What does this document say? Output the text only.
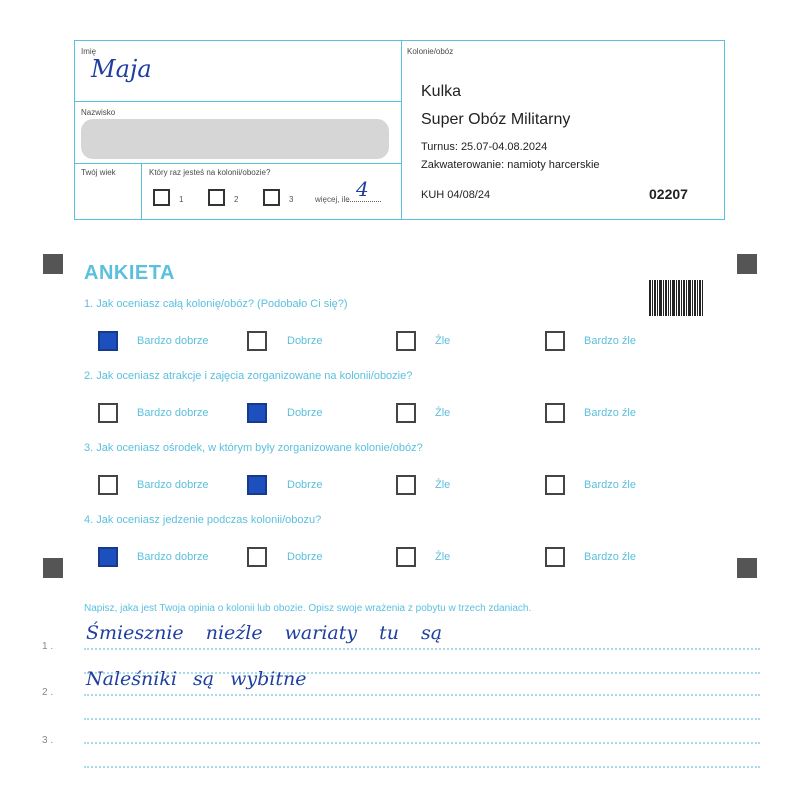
Imię
Maja
Nazwisko
Twój wiek	Który raz jesteś na kolonii/obozie?
1	2	3	więcej, ile 4
Kolonie/obóz
Kulka
Super Obóz Militarny
Turnus: 25.07-04.08.2024
Zakwaterowanie: namioty harcerskie
KUH 04/08/24	02207
ANKIETA
1. Jak oceniasz całą kolonię/obóz? (Podobało Ci się?)
Bardzo dobrze	Dobrze	Źle	Bardzo źle
2. Jak oceniasz atrakcje i zajęcia zorganizowane na kolonii/obozie?
Bardzo dobrze	Dobrze	Źle	Bardzo źle
3. Jak oceniasz ośrodek, w którym były zorganizowane kolonie/obóz?
Bardzo dobrze	Dobrze	Źle	Bardzo źle
4. Jak oceniasz jedzenie podczas kolonii/obozu?
Bardzo dobrze	Dobrze	Źle	Bardzo źle
Napisz, jaka jest Twoja opinia o kolonii lub obozie. Opisz swoje wrażenia z pobytu w trzech zdaniach.
1 .
Śmiesznie nieźle wariaty tu są
2 .
Naleśniki są wybitne
3 .
